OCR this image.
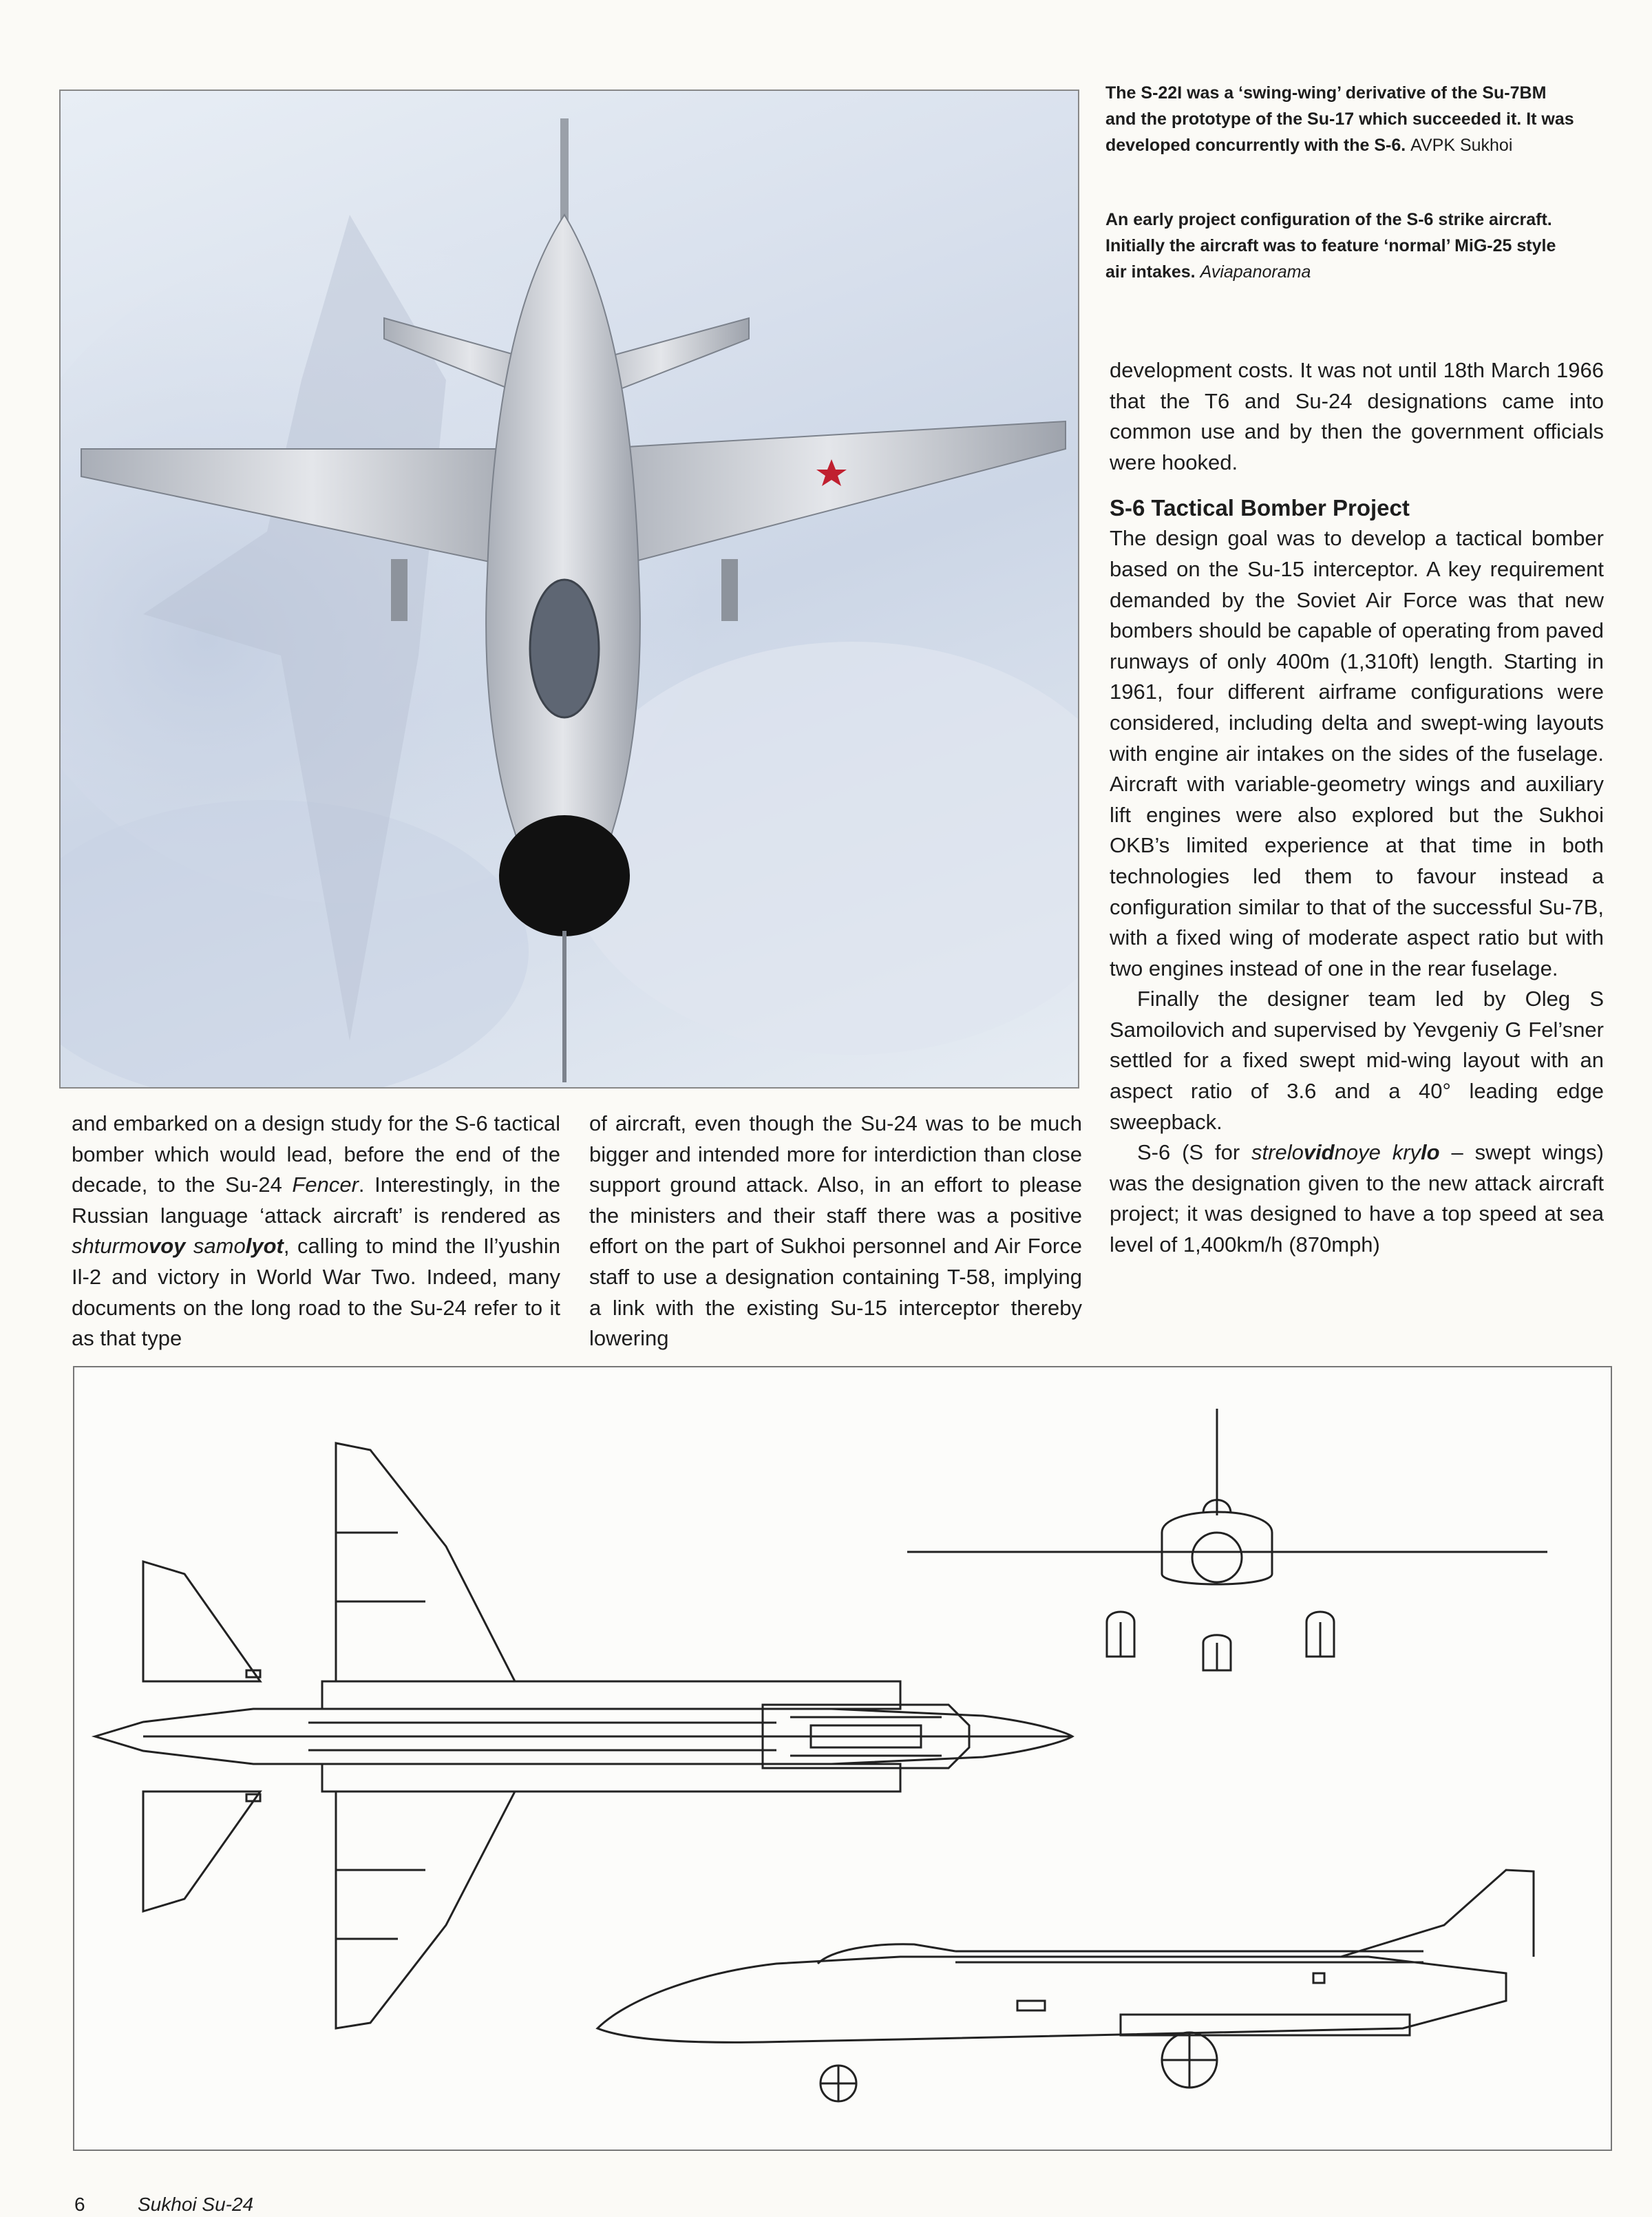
The S-22I was a ‘swing-wing’ derivative of the Su-7BM and the prototype of the Su-17 which succeeded it. It was developed concurrently with the S-6. AVPK Sukhoi
An early project configuration of the S-6 strike aircraft. Initially the aircraft was to feature ‘normal’ MiG-25 style air intakes. Aviapanorama

development costs. It was not until 18th March 1966 that the T6 and Su-24 designations came into common use and by then the government officials were hooked.

S-6 Tactical Bomber Project

The design goal was to develop a tactical bomber based on the Su-15 interceptor. A key requirement demanded by the Soviet Air Force was that new bombers should be capable of operating from paved runways of only 400m (1,310ft) length. Starting in 1961, four different airframe configurations were considered, including delta and swept-wing layouts with engine air intakes on the sides of the fuselage. Aircraft with variable-geometry wings and auxiliary lift engines were also explored but the Sukhoi OKB’s limited experience at that time in both technologies led them to favour instead a configuration similar to that of the successful Su-7B, with a fixed wing of moderate aspect ratio but with two engines instead of one in the rear fuselage.

Finally the designer team led by Oleg S Samoilovich and supervised by Yevgeniy G Fel’sner settled for a fixed swept mid-wing layout with an aspect ratio of 3.6 and a 40° leading edge sweepback.

S-6 (S for strelovidnoye krylo – swept wings) was the designation given to the new attack aircraft project; it was designed to have a top speed at sea level of 1,400km/h (870mph)

and embarked on a design study for the S-6 tactical bomber which would lead, before the end of the decade, to the Su-24 Fencer. Interestingly, in the Russian language ‘attack aircraft’ is rendered as shturmovoy samolyot, calling to mind the Il’yushin Il-2 and victory in World War Two. Indeed, many documents on the long road to the Su-24 refer to it as that type

of aircraft, even though the Su-24 was to be much bigger and intended more for interdiction than close support ground attack. Also, in an effort to please the ministers and their staff there was a positive effort on the part of Sukhoi personnel and Air Force staff to use a designation containing T-58, implying a link with the existing Su-15 interceptor thereby lowering

6	Sukhoi Su-24
